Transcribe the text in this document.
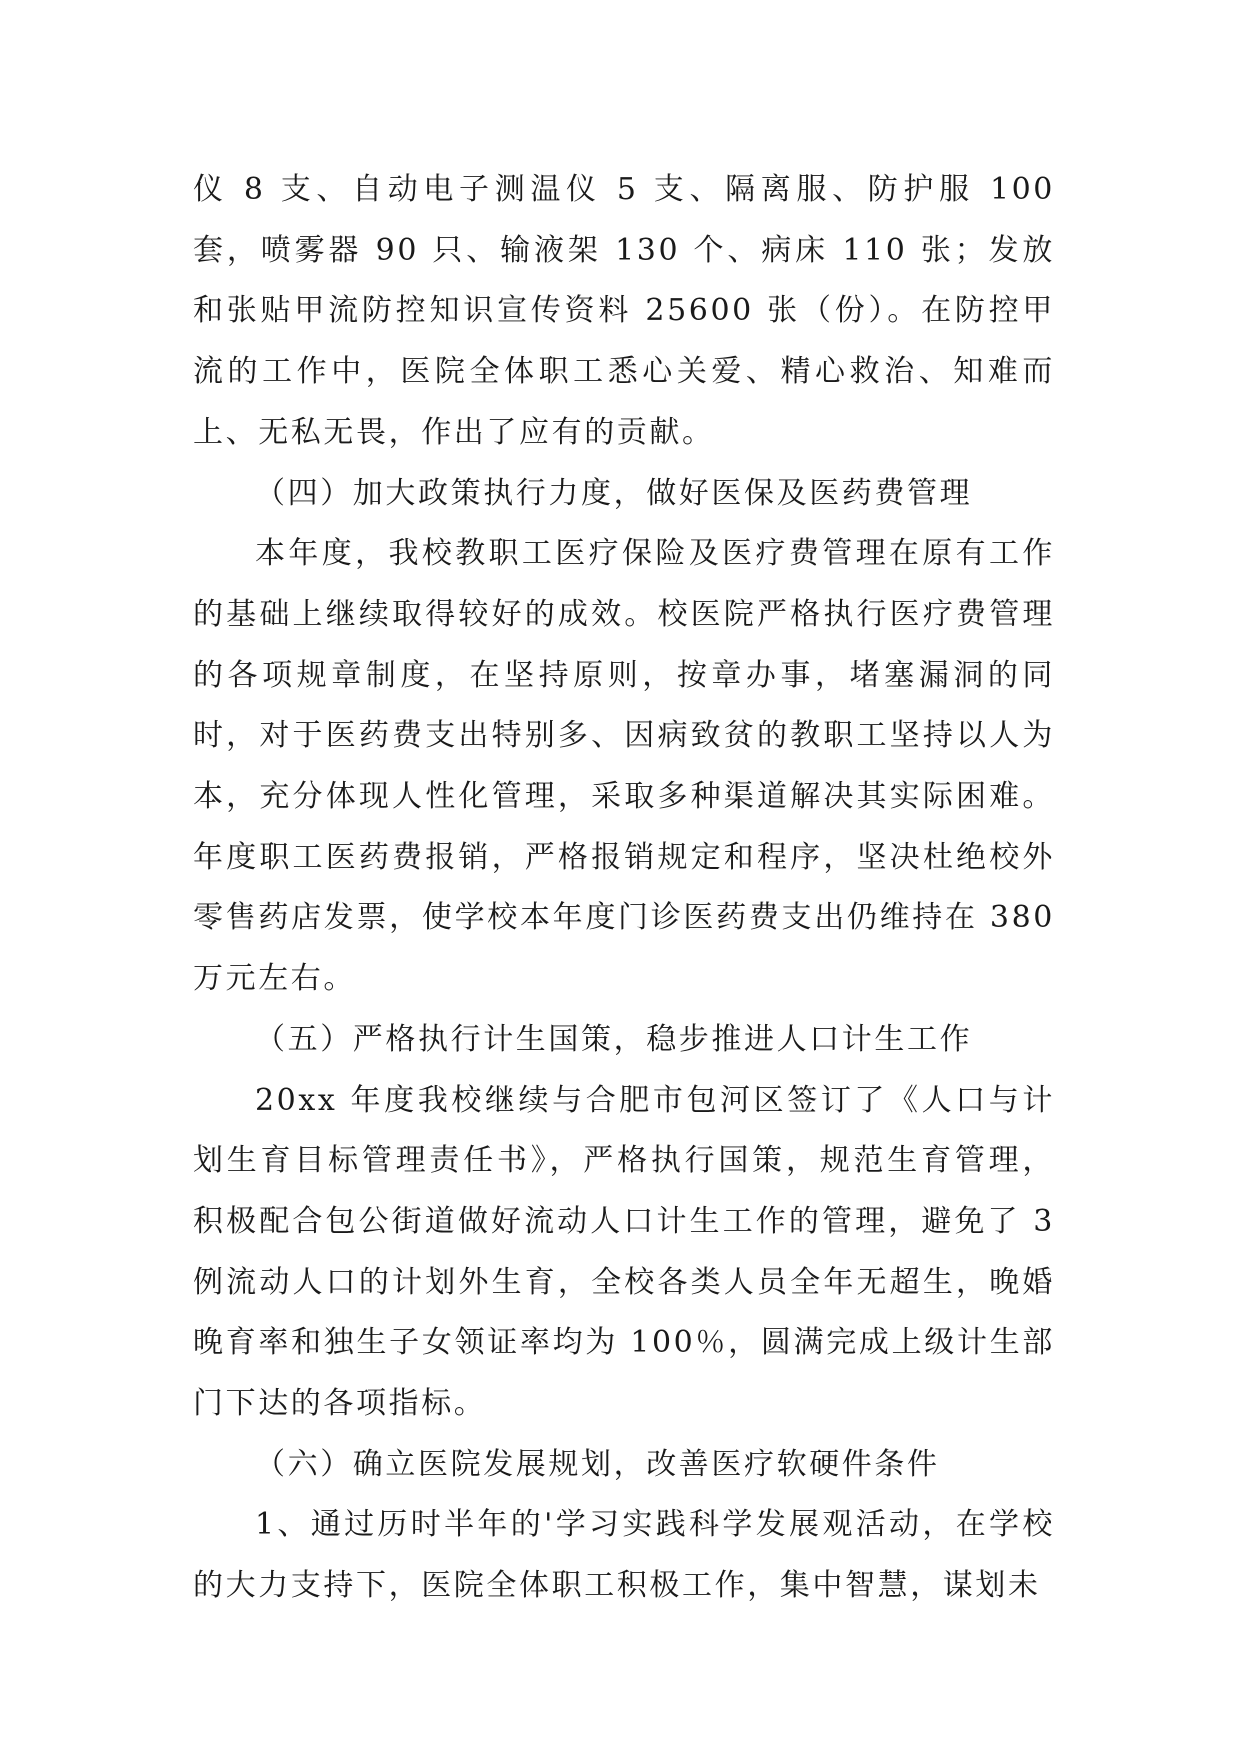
仪 8 支、自动电子测温仪 5 支、隔离服、防护服 100 套，喷雾器 90 只、输液架 130 个、病床 110 张；发放和张贴甲流防控知识宣传资料 25600 张（份）。在防控甲流的工作中，医院全体职工悉心关爱、精心救治、知难而上、无私无畏，作出了应有的贡献。

（四）加大政策执行力度，做好医保及医药费管理

本年度，我校教职工医疗保险及医疗费管理在原有工作的基础上继续取得较好的成效。校医院严格执行医疗费管理的各项规章制度，在坚持原则，按章办事，堵塞漏洞的同时，对于医药费支出特别多、因病致贫的教职工坚持以人为本，充分体现人性化管理，采取多种渠道解决其实际困难。年度职工医药费报销，严格报销规定和程序，坚决杜绝校外零售药店发票，使学校本年度门诊医药费支出仍维持在 380 万元左右。

（五）严格执行计生国策，稳步推进人口计生工作

20xx 年度我校继续与合肥市包河区签订了《人口与计划生育目标管理责任书》，严格执行国策，规范生育管理，积极配合包公街道做好流动人口计生工作的管理，避免了 3 例流动人口的计划外生育，全校各类人员全年无超生，晚婚晚育率和独生子女领证率均为 100％，圆满完成上级计生部门下达的各项指标。

（六）确立医院发展规划，改善医疗软硬件条件

1、通过历时半年的'学习实践科学发展观活动，在学校的大力支持下，医院全体职工积极工作，集中智慧，谋划未
